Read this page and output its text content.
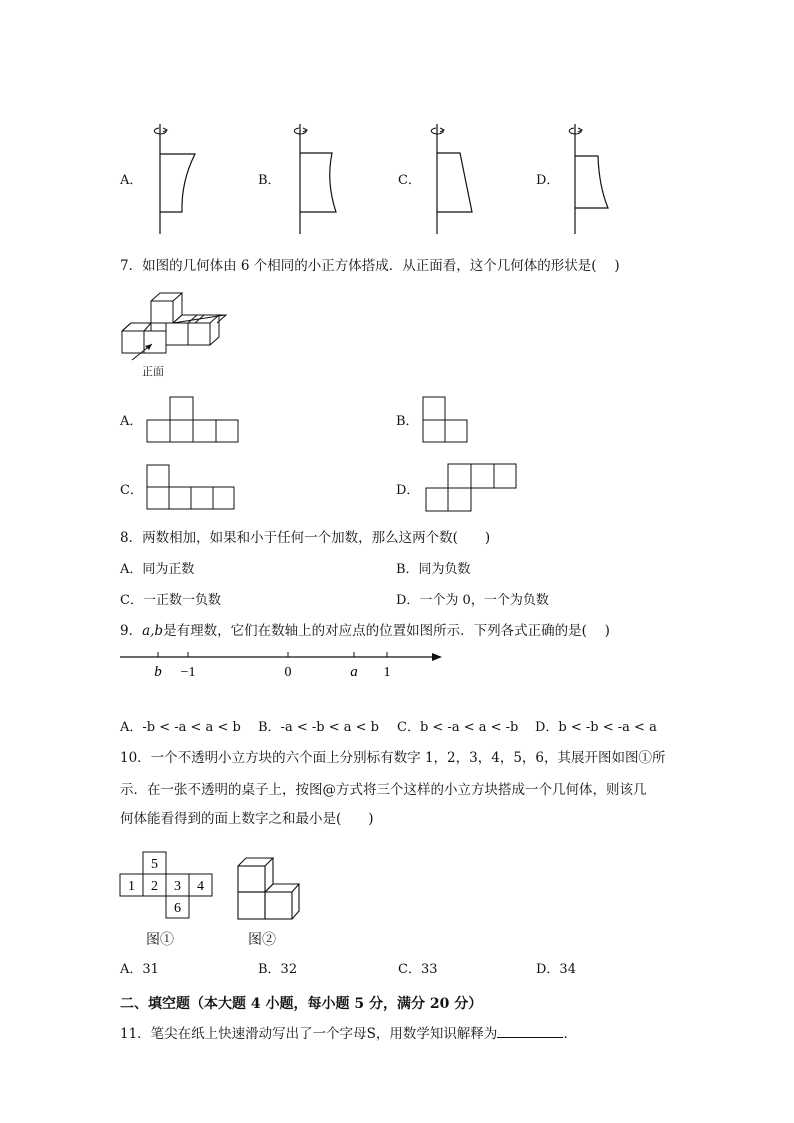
A．	B．	C．	D．
7．如图的几何体由 6 个相同的小正方体搭成．从正面看，这个几何体的形状是(　 )
正面
A．	B．
C．	D．
8．两数相加，如果和小于任何一个加数，那么这两个数(　　)
A．同为正数	B．同为负数
C．一正数一负数	D．一个为 0，一个为负数
9．a,b是有理数，它们在数轴上的对应点的位置如图所示．下列各式正确的是(　 )
b −1	0	a 1
A．-b < -a < a < b B．-a < -b < a < b C．b < -a < a < -b D．b < -b < -a < a
10．一个不透明小立方块的六个面上分别标有数字 1，2，3，4，5，6，其展开图如图①所
示．在一张不透明的桌子上，按图@方式将三个这样的小立方块搭成一个几何体，则该几
何体能看得到的面上数字之和最小是(　　)
5
1 2 3 4
6
图①	图②
A．31	B．32	C．33	D．34
二、填空题（本大题 4 小题，每小题 5 分，满分 20 分）
11．笔尖在纸上快速滑动写出了一个字母S，用数学知识解释为	．
